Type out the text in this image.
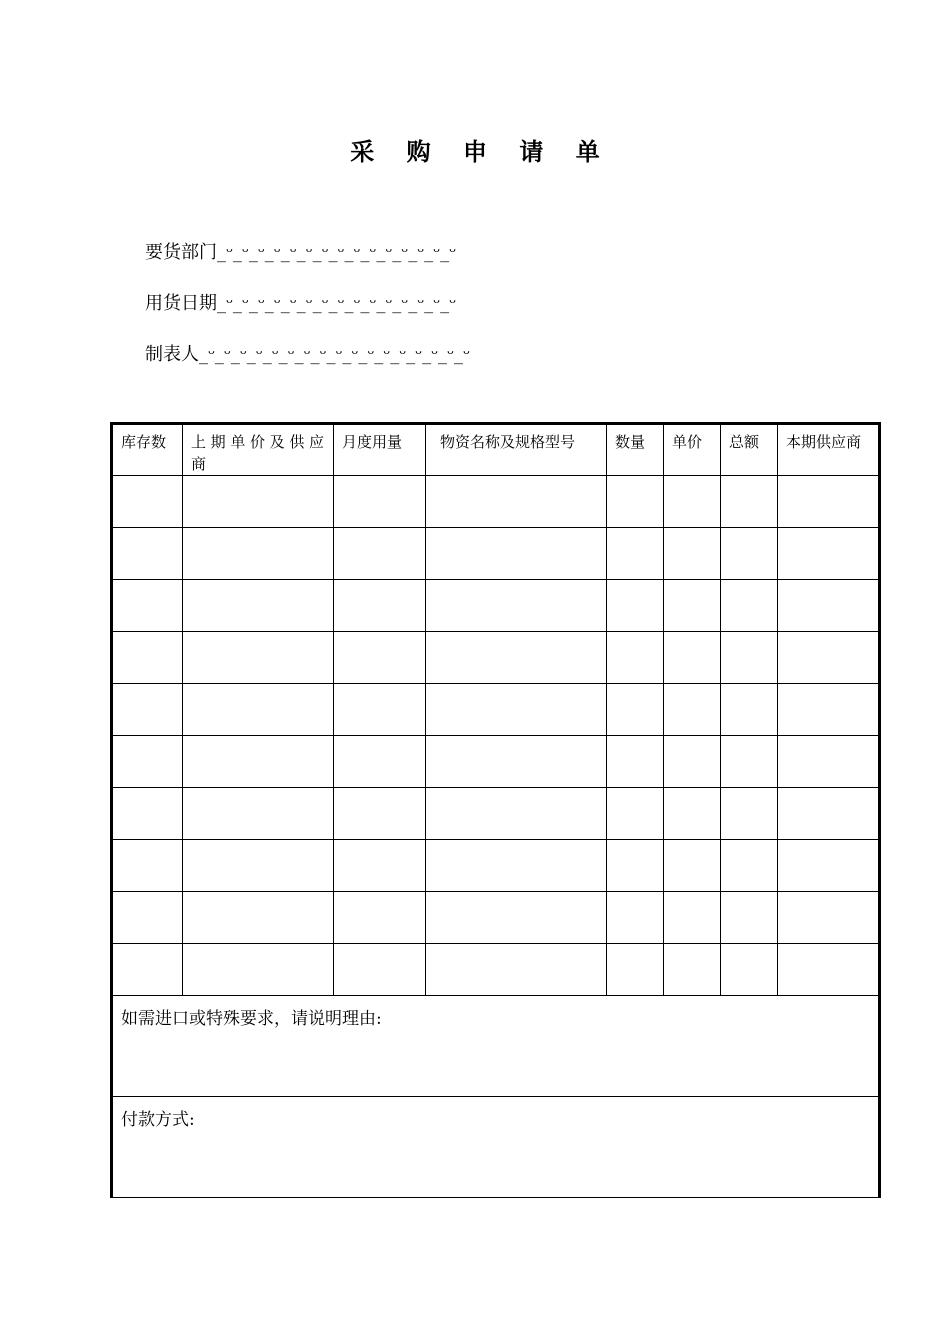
采 购 申 请 单
要货部门_ᵕ_ᵕ_ᵕ_ᵕ_ᵕ_ᵕ_ᵕ_ᵕ_ᵕ_ᵕ_ᵕ_ᵕ_ᵕ_ᵕ_ᵕ
用货日期_ᵕ_ᵕ_ᵕ_ᵕ_ᵕ_ᵕ_ᵕ_ᵕ_ᵕ_ᵕ_ᵕ_ᵕ_ᵕ_ᵕ_ᵕ
制表人_ᵕ_ᵕ_ᵕ_ᵕ_ᵕ_ᵕ_ᵕ_ᵕ_ᵕ_ᵕ_ᵕ_ᵕ_ᵕ_ᵕ_ᵕ_ᵕ_ᵕ
库存数	上期单价及供应商	月度用量	物资名称及规格型号	数量	单价	总额	本期供应商

如需进口或特殊要求，请说明理由:							
付款方式:							
